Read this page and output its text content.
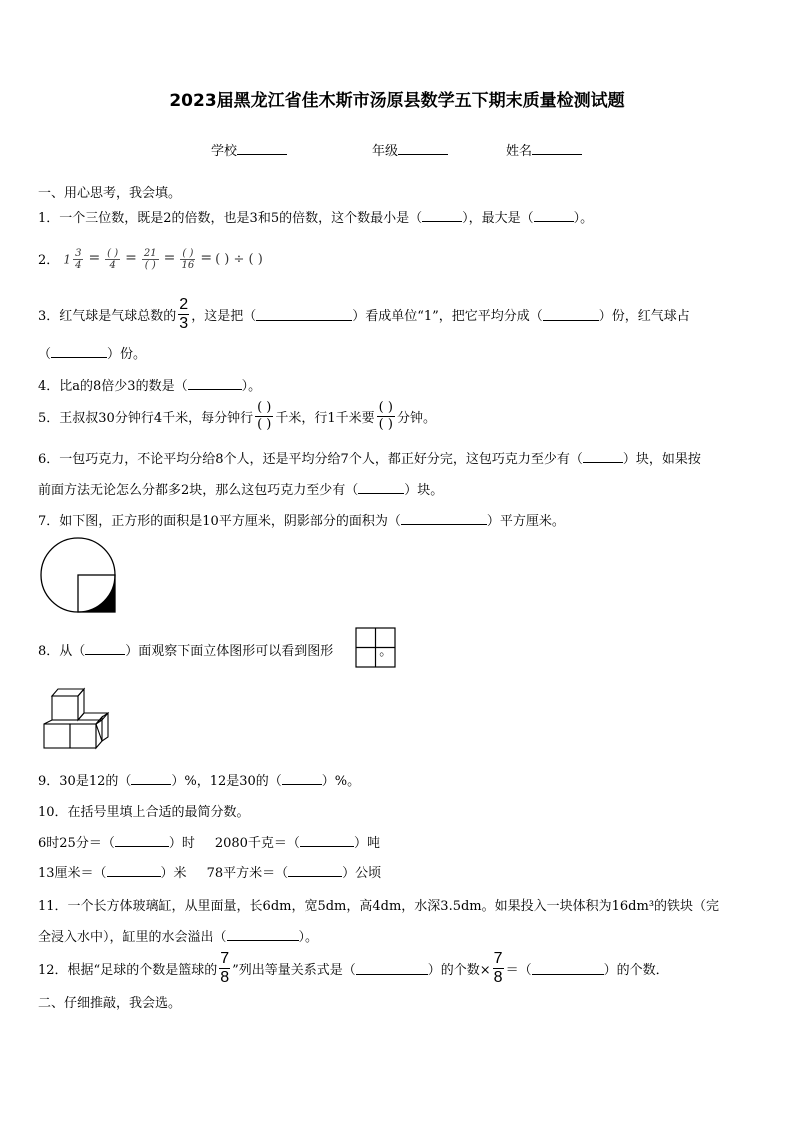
2023届黑龙江省佳木斯市汤原县数学五下期末质量检测试题
学校	年级	姓名
一、用心思考，我会填。
1．一个三位数，既是2的倍数，也是3和5的倍数，这个数最小是（	），最大是（	）。
2． $1 \frac{3}{4}$ = ( )
4 = 21
( ) = ( )
16 = ( ) ÷ ( )
3．红气球是气球总数的 $\frac{2}{3}$ ，这是把（	）看成单位“1”，把它平均分成（	）份，红气球占
（	）份。
4．比a的8倍少3的数是（	）。
5．王叔叔30分钟行4千米，每分钟行 $\frac{( )}{( )}$ 千米，行1千米要 $\frac{( )}{( )}$ 分钟。
6．一包巧克力，不论平均分给8个人，还是平均分给7个人，都正好分完，这包巧克力至少有（	）块，如果按
前面方法无论怎么分都多2块，那么这包巧克力至少有（	）块。
7．如下图，正方形的面积是10平方厘米，阴影部分的面积为（	）平方厘米。
8．从（	）面观察下面立体图形可以看到图形	。
9．30是12的（	）%，12是30的（	）%。
10．在括号里填上合适的最简分数。
6时25分＝（	）时 2080千克＝（	）吨
13厘米＝（	）米 78平方米＝（	）公顷
11．一个长方体玻璃缸，从里面量，长6dm，宽5dm，高4dm，水深3.5dm。如果投入一块体积为16dm³的铁块（完
全浸入水中），缸里的水会溢出（	）。
12．根据“足球的个数是篮球的 $\frac{7}{8}$ ”列出等量关系式是（	）的个数× $\frac{7}{8}$ ＝（	）的个数．
二、仔细推敲，我会选。
